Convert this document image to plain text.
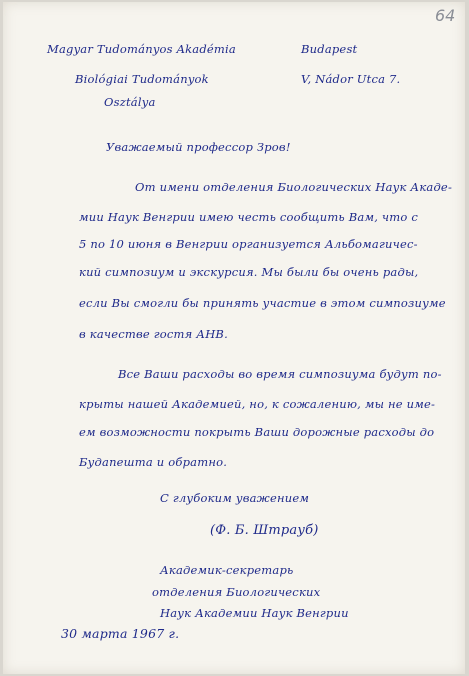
64
Magyar Tudományos Akadémia
Biológiai Tudományok
Osztálya
Budapest
V, Nádor Utca 7.
Уважаемый профессор Зров!
От имени отделения Биологических Наук Акаде-
мии Наук Венгрии имею честь сообщить Вам, что с
5 по 10 июня в Венгрии организуется Альбомагичес-
кий симпозиум и экскурсия. Мы были бы очень рады,
если Вы смогли бы принять участие в этом симпозиуме
в качестве гостя АНВ.
Все Ваши расходы во время симпозиума будут по-
крыты нашей Академией, но, к сожалению, мы не име-
ем возможности покрыть Ваши дорожные расходы до
Будапешта и обратно.
С глубоким уважением
(Ф. Б. Штрауб)
Академик-секретарь
отделения Биологических
Наук Академии Наук Венгрии
30 марта 1967 г.
